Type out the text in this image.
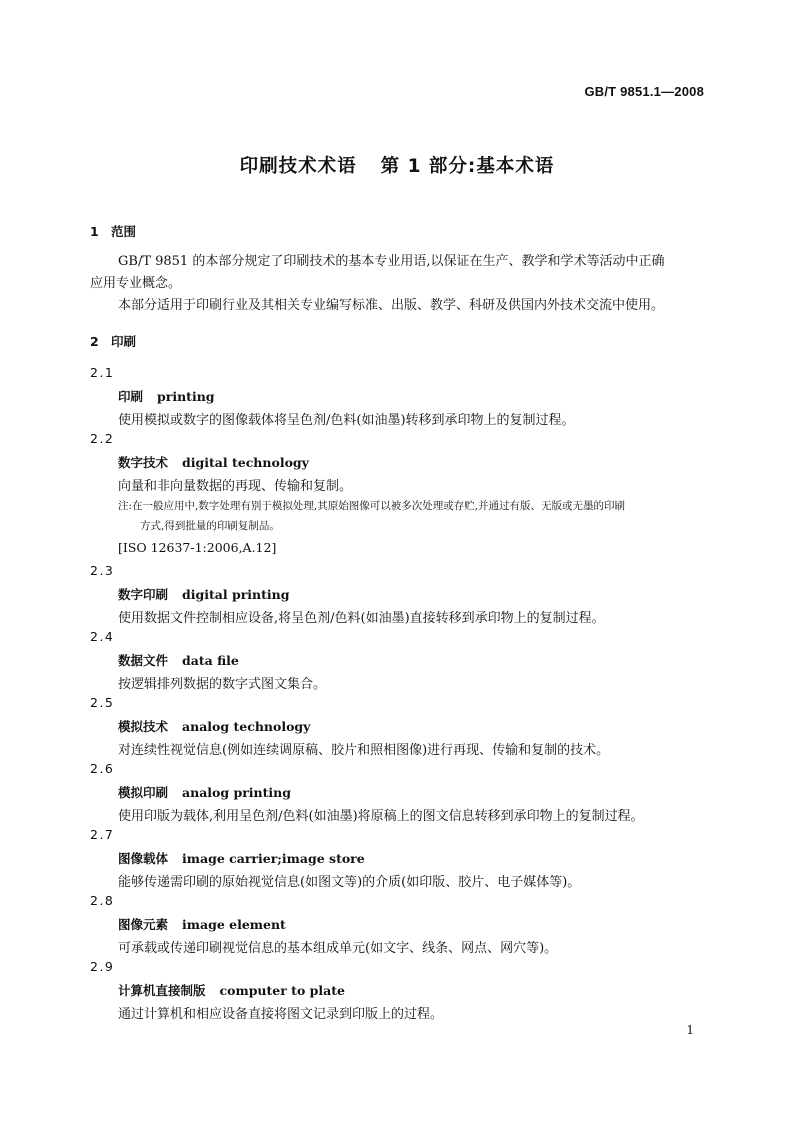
GB/T 9851.1—2008
印刷技术术语 第 1 部分:基本术语
1 范围
GB/T 9851 的本部分规定了印刷技术的基本专业用语,以保证在生产、教学和学术等活动中正确
应用专业概念。
本部分适用于印刷行业及其相关专业编写标准、出版、教学、科研及供国内外技术交流中使用。
2 印刷
2.1
印刷 printing
使用模拟或数字的图像载体将呈色剂/色料(如油墨)转移到承印物上的复制过程。
2.2
数字技术 digital technology
向量和非向量数据的再现、传输和复制。
注:在一般应用中,数字处理有别于模拟处理,其原始图像可以被多次处理或存贮,并通过有版、无版或无墨的印刷
方式,得到批量的印刷复制品。
[ISO 12637-1:2006,A.12]
2.3
数字印刷 digital printing
使用数据文件控制相应设备,将呈色剂/色料(如油墨)直接转移到承印物上的复制过程。
2.4
数据文件 data file
按逻辑排列数据的数字式图文集合。
2.5
模拟技术 analog technology
对连续性视觉信息(例如连续调原稿、胶片和照相图像)进行再现、传输和复制的技术。
2.6
模拟印刷 analog printing
使用印版为载体,利用呈色剂/色料(如油墨)将原稿上的图文信息转移到承印物上的复制过程。
2.7
图像载体 image carrier;image store
能够传递需印刷的原始视觉信息(如图文等)的介质(如印版、胶片、电子媒体等)。
2.8
图像元素 image element
可承载或传递印刷视觉信息的基本组成单元(如文字、线条、网点、网穴等)。
2.9
计算机直接制版 computer to plate
通过计算机和相应设备直接将图文记录到印版上的过程。
1
